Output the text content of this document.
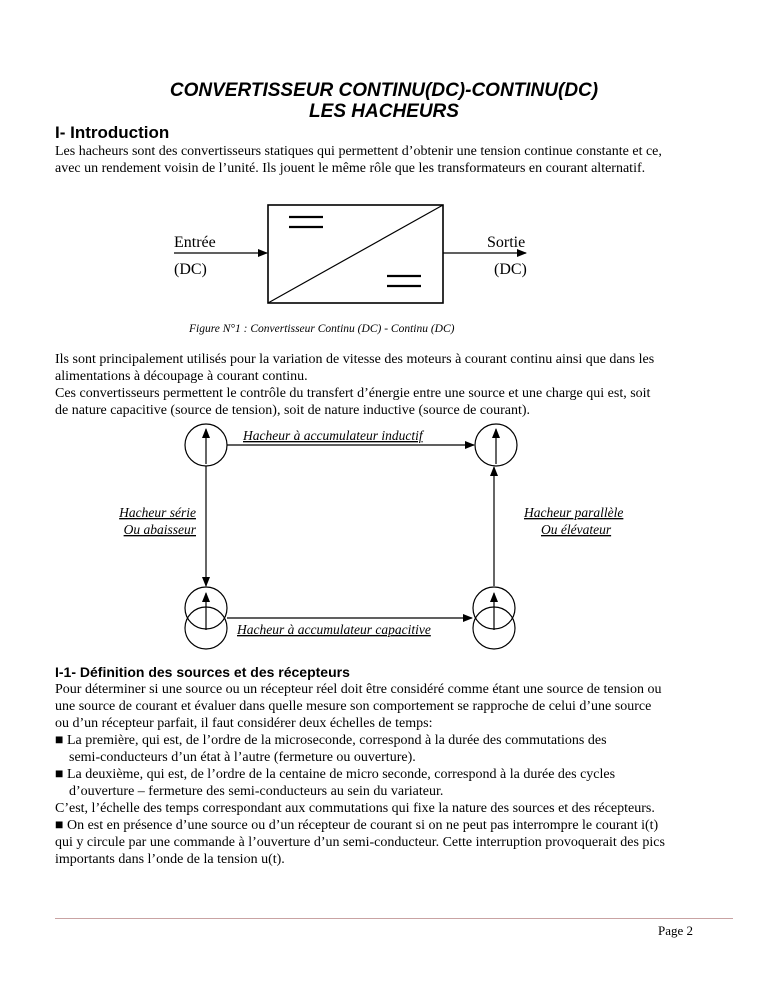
CONVERTISSEUR CONTINU(DC)-CONTINU(DC)
LES HACHEURS
I- Introduction
Les hacheurs sont des convertisseurs statiques qui permettent d’obtenir une tension continue constante et ce,
avec un rendement voisin de l’unité. Ils jouent le même rôle que les transformateurs en courant alternatif.
Entrée
(DC)
Sortie
(DC)
Figure N°1 : Convertisseur Continu (DC) - Continu (DC)
Hacheur à accumulateur inductif
Hacheur à accumulateur capacitive
Hacheur série
Ou abaisseur
Hacheur parallèle
Ou élévateur
Ils sont principalement utilisés pour la variation de vitesse des moteurs à courant continu ainsi que dans les
alimentations à découpage à courant continu.
Ces convertisseurs permettent le contrôle du transfert d’énergie entre une source et une charge qui est, soit
de nature capacitive (source de tension), soit de nature inductive (source de courant).
I-1- Définition des sources et des récepteurs
Pour déterminer si une source ou un récepteur réel doit être considéré comme étant une source de tension ou
une source de courant et évaluer dans quelle mesure son comportement se rapproche de celui d’une source
ou d’un récepteur parfait, il faut considérer deux échelles de temps:
■ La première, qui est, de l’ordre de la microseconde, correspond à la durée des commutations des
semi-conducteurs d’un état à l’autre (fermeture ou ouverture).
■ La deuxième, qui est, de l’ordre de la centaine de micro seconde, correspond à la durée des cycles
d’ouverture – fermeture des semi-conducteurs au sein du variateur.
C’est, l’échelle des temps correspondant aux commutations qui fixe la nature des sources et des récepteurs.
■ On est en présence d’une source ou d’un récepteur de courant si on ne peut pas interrompre le courant i(t)
qui y circule par une commande à l’ouverture d’un semi-conducteur. Cette interruption provoquerait des pics
importants dans l’onde de la tension u(t).
Page 2
